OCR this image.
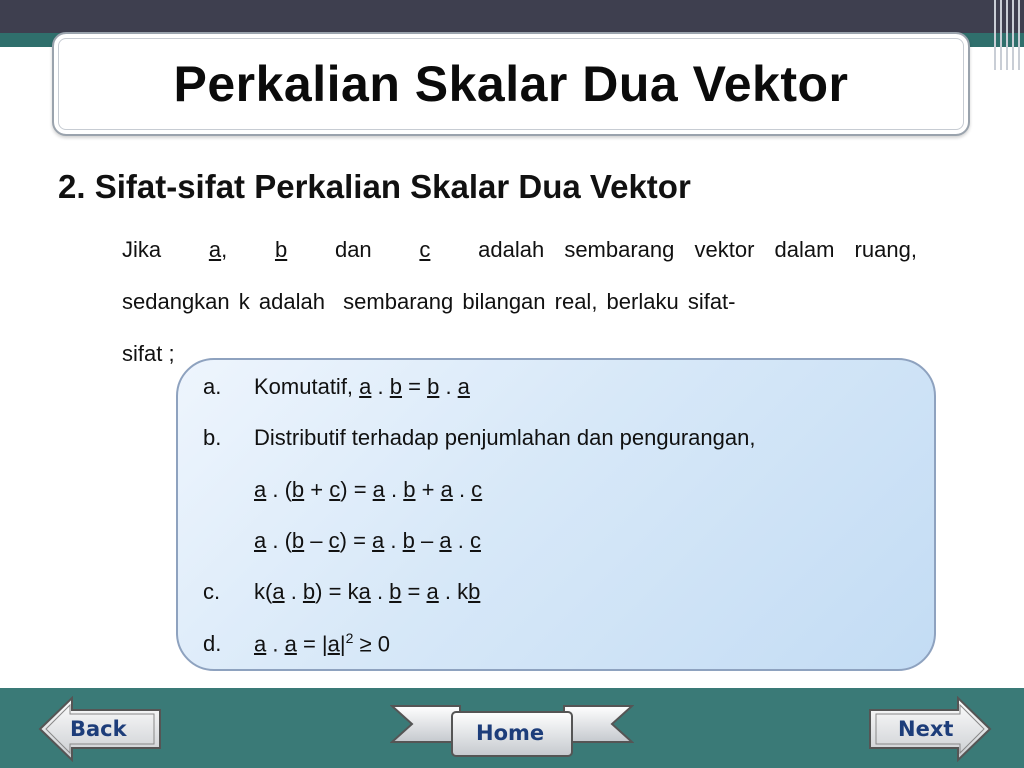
Perkalian Skalar Dua Vektor
2. Sifat-sifat Perkalian Skalar Dua Vektor

Jika a, b dan c adalah sembarang vektor dalam ruang,

sedangkan k adalah  sembarang bilangan real, berlaku sifat-

sifat ;

a. Komutatif, a . b = b . a
b. Distributif terhadap penjumlahan dan pengurangan,
a . (b + c) = a . b + a . c
a . (b – c) = a . b – a . c
c. k(a . b) = ka . b = a . kb
d. a . $a = |a|^2 \ge 0$
Back	Home	Next
